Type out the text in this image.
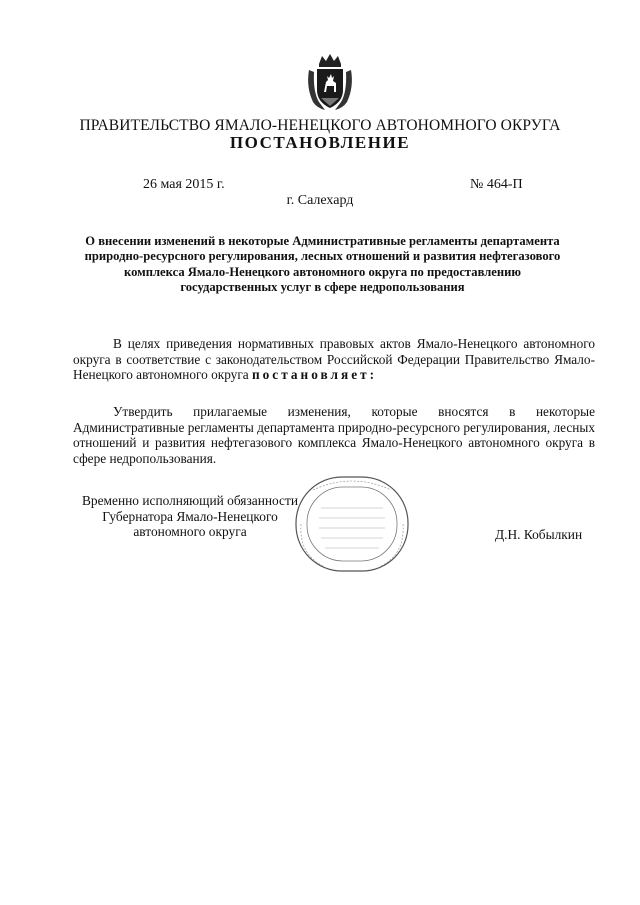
ПРАВИТЕЛЬСТВО ЯМАЛО-НЕНЕЦКОГО АВТОНОМНОГО ОКРУГА
ПОСТАНОВЛЕНИЕ
26 мая 2015 г.	№ 464-П
г. Салехард
О внесении изменений в некоторые Административные регламенты департамента природно-ресурсного регулирования, лесных отношений и развития нефтегазового комплекса Ямало-Ненецкого автономного округа по предоставлению государственных услуг в сфере недропользования
В целях приведения нормативных правовых актов Ямало-Ненецкого автономного округа в соответствие с законодательством Российской Федерации Правительство Ямало-Ненецкого автономного округа постановляет:
Утвердить прилагаемые изменения, которые вносятся в некоторые Административные регламенты департамента природно-ресурсного регулирования, лесных отношений и развития нефтегазового комплекса Ямало-Ненецкого автономного округа в сфере недропользования.
Временно исполняющий обязанности
Губернатора Ямало-Ненецкого
автономного округа	Д.Н. Кобылкин
